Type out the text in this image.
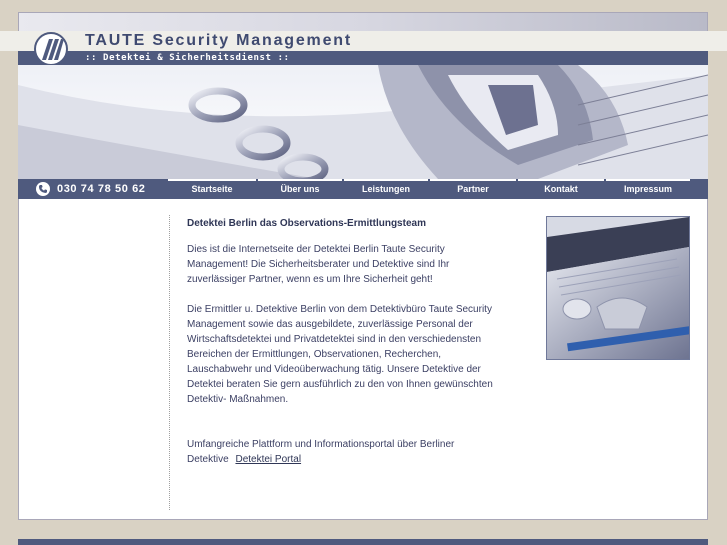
TAUTE Security Management
:: Detektei & Sicherheitsdienst ::
030 74 78 50 62	Startseite	Über uns	Leistungen	Partner	Kontakt	Impressum
Detektei Berlin das Observations-Ermittlungsteam

Dies ist die Internetseite der Detektei Berlin Taute Security Management! Die Sicherheitsberater und Detektive sind Ihr zuverlässiger Partner, wenn es um Ihre Sicherheit geht!

Die Ermittler u. Detektive Berlin von dem Detektivbüro Taute Security Management sowie das ausgebildete, zuverlässige Personal der Wirtschaftsdetektei und Privatdetektei sind in den verschiedensten Bereichen der Ermittlungen, Observationen, Recherchen, Lauschabwehr und Videoüberwachung tätig. Unsere Detektive der Detektei beraten Sie gern ausführlich zu den von Ihnen gewünschten Detektiv- Maßnahmen.

Umfangreiche Plattform und Informationsportal über Berliner Detektive Detektei Portal
